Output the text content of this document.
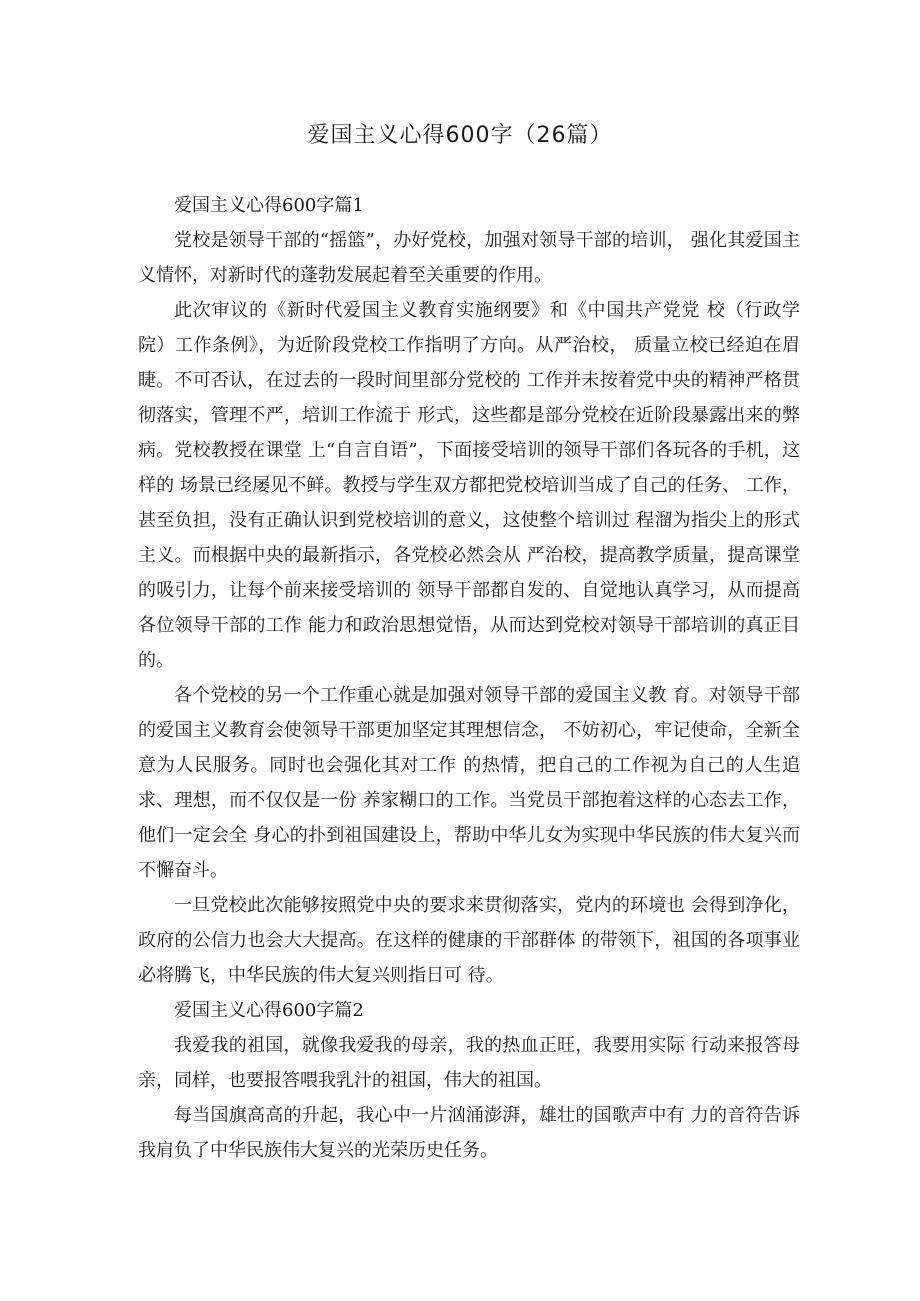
爱国主义心得600字（26篇）

爱国主义心得600字篇1

党校是领导干部的“摇篮”，办好党校，加强对领导干部的培训， 强化其爱国主义情怀，对新时代的蓬勃发展起着至关重要的作用。

此次审议的《新时代爱国主义教育实施纲要》和《中国共产党党 校（行政学院）工作条例》，为近阶段党校工作指明了方向。从严治校， 质量立校已经迫在眉睫。不可否认，在过去的一段时间里部分党校的 工作并未按着党中央的精神严格贯彻落实，管理不严，培训工作流于 形式，这些都是部分党校在近阶段暴露出来的弊病。党校教授在课堂 上“自言自语”，下面接受培训的领导干部们各玩各的手机，这样的 场景已经屡见不鲜。教授与学生双方都把党校培训当成了自己的任务、 工作，甚至负担，没有正确认识到党校培训的意义，这使整个培训过 程溜为指尖上的形式主义。而根据中央的最新指示，各党校必然会从 严治校，提高教学质量，提高课堂的吸引力，让每个前来接受培训的 领导干部都自发的、自觉地认真学习，从而提高各位领导干部的工作 能力和政治思想觉悟，从而达到党校对领导干部培训的真正目的。

各个党校的另一个工作重心就是加强对领导干部的爱国主义教 育。对领导干部的爱国主义教育会使领导干部更加坚定其理想信念， 不妨初心，牢记使命，全新全意为人民服务。同时也会强化其对工作 的热情，把自己的工作视为自己的人生追求、理想，而不仅仅是一份 养家糊口的工作。当党员干部抱着这样的心态去工作，他们一定会全 身心的扑到祖国建设上，帮助中华儿女为实现中华民族的伟大复兴而 不懈奋斗。

一旦党校此次能够按照党中央的要求来贯彻落实，党内的环境也 会得到净化，政府的公信力也会大大提高。在这样的健康的干部群体 的带领下，祖国的各项事业必将腾飞，中华民族的伟大复兴则指日可 待。

爱国主义心得600字篇2

我爱我的祖国，就像我爱我的母亲，我的热血正旺，我要用实际 行动来报答母亲，同样，也要报答喂我乳汁的祖国，伟大的祖国。

每当国旗高高的升起，我心中一片汹涌澎湃，雄壮的国歌声中有 力的音符告诉我肩负了中华民族伟大复兴的光荣历史任务。
